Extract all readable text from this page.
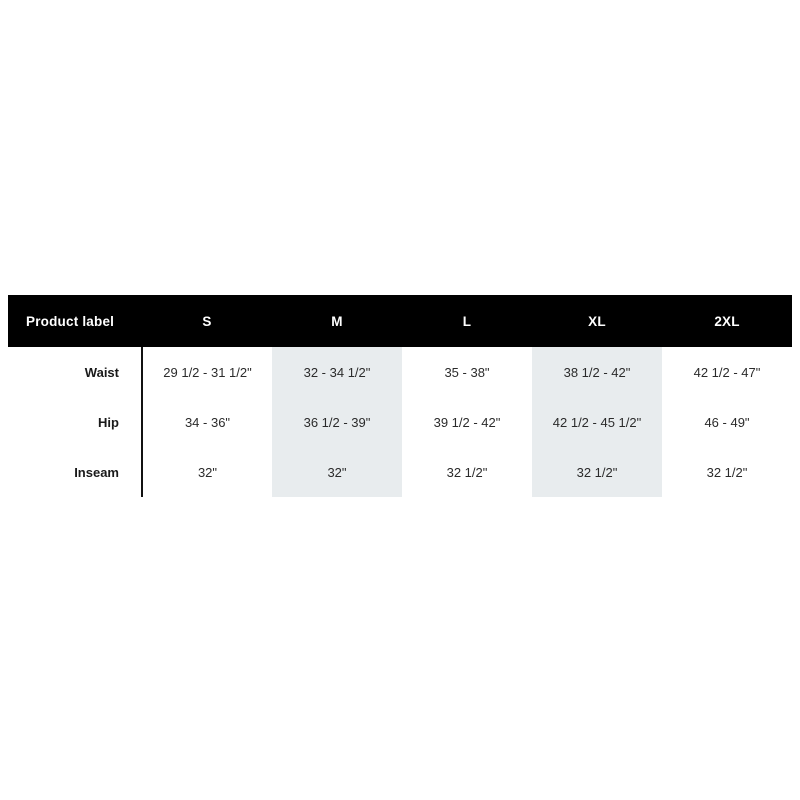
Product label	S	M	L	XL	2XL
Waist	29 1/2 - 31 1/2"	32 - 34 1/2"	35 - 38"	38 1/2 - 42"	42 1/2 - 47"
Hip	34 - 36"	36 1/2 - 39"	39 1/2 - 42"	42 1/2 - 45 1/2"	46 - 49"
Inseam	32"	32"	32 1/2"	32 1/2"	32 1/2"
